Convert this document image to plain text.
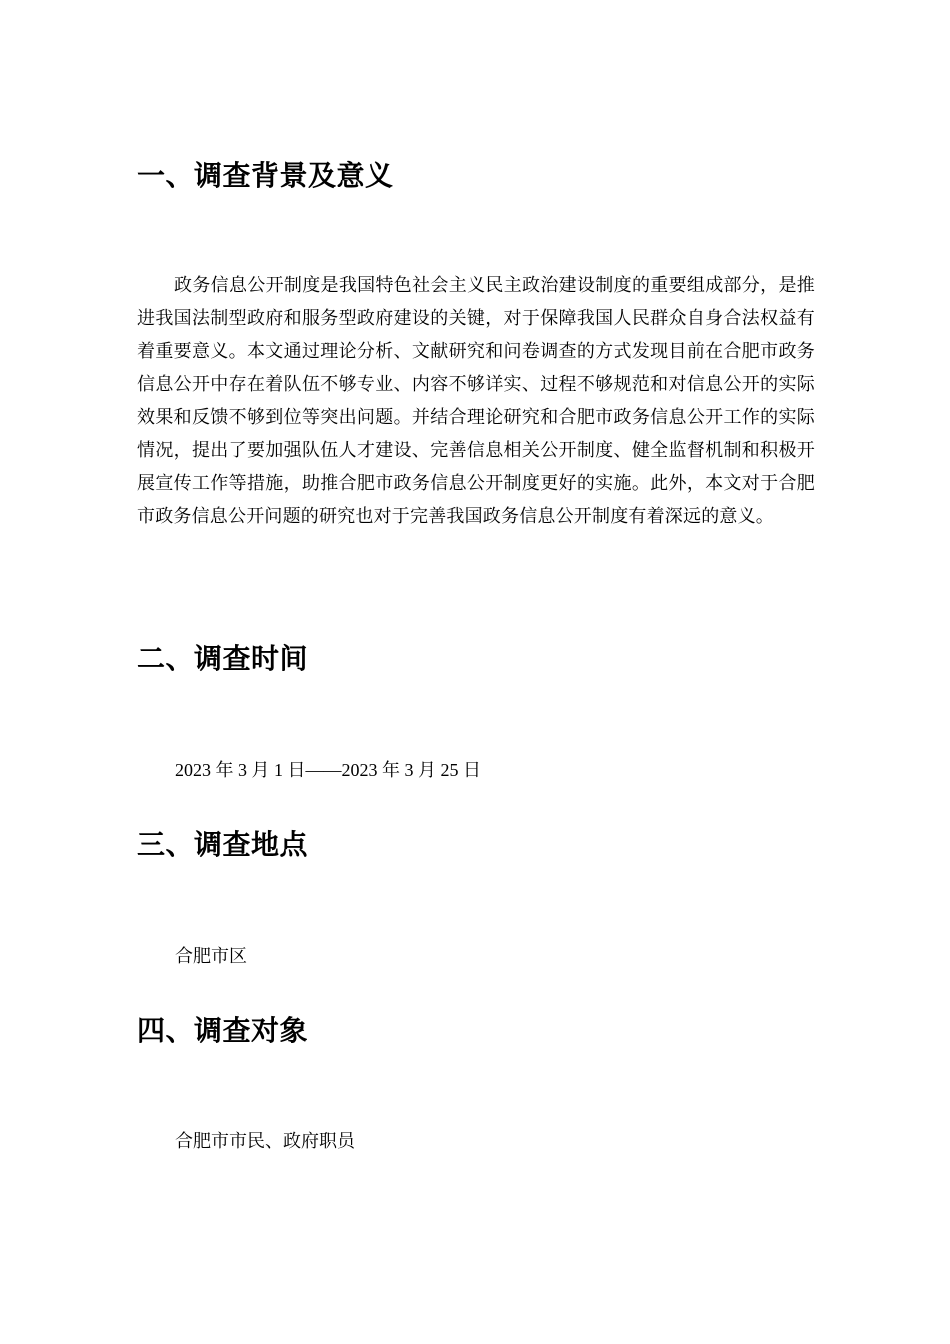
一、调查背景及意义

政务信息公开制度是我国特色社会主义民主政治建设制度的重要组成部分，是推进我国法制型政府和服务型政府建设的关键，对于保障我国人民群众自身合法权益有着重要意义。本文通过理论分析、文献研究和问卷调查的方式发现目前在合肥市政务信息公开中存在着队伍不够专业、内容不够详实、过程不够规范和对信息公开的实际效果和反馈不够到位等突出问题。并结合理论研究和合肥市政务信息公开工作的实际情况，提出了要加强队伍人才建设、完善信息相关公开制度、健全监督机制和积极开展宣传工作等措施，助推合肥市政务信息公开制度更好的实施。此外，本文对于合肥市政务信息公开问题的研究也对于完善我国政务信息公开制度有着深远的意义。

二、调查时间

2023 年 3 月 1 日——2023 年 3 月 25 日

三、调查地点

合肥市区

四、调查对象

合肥市市民、政府职员
